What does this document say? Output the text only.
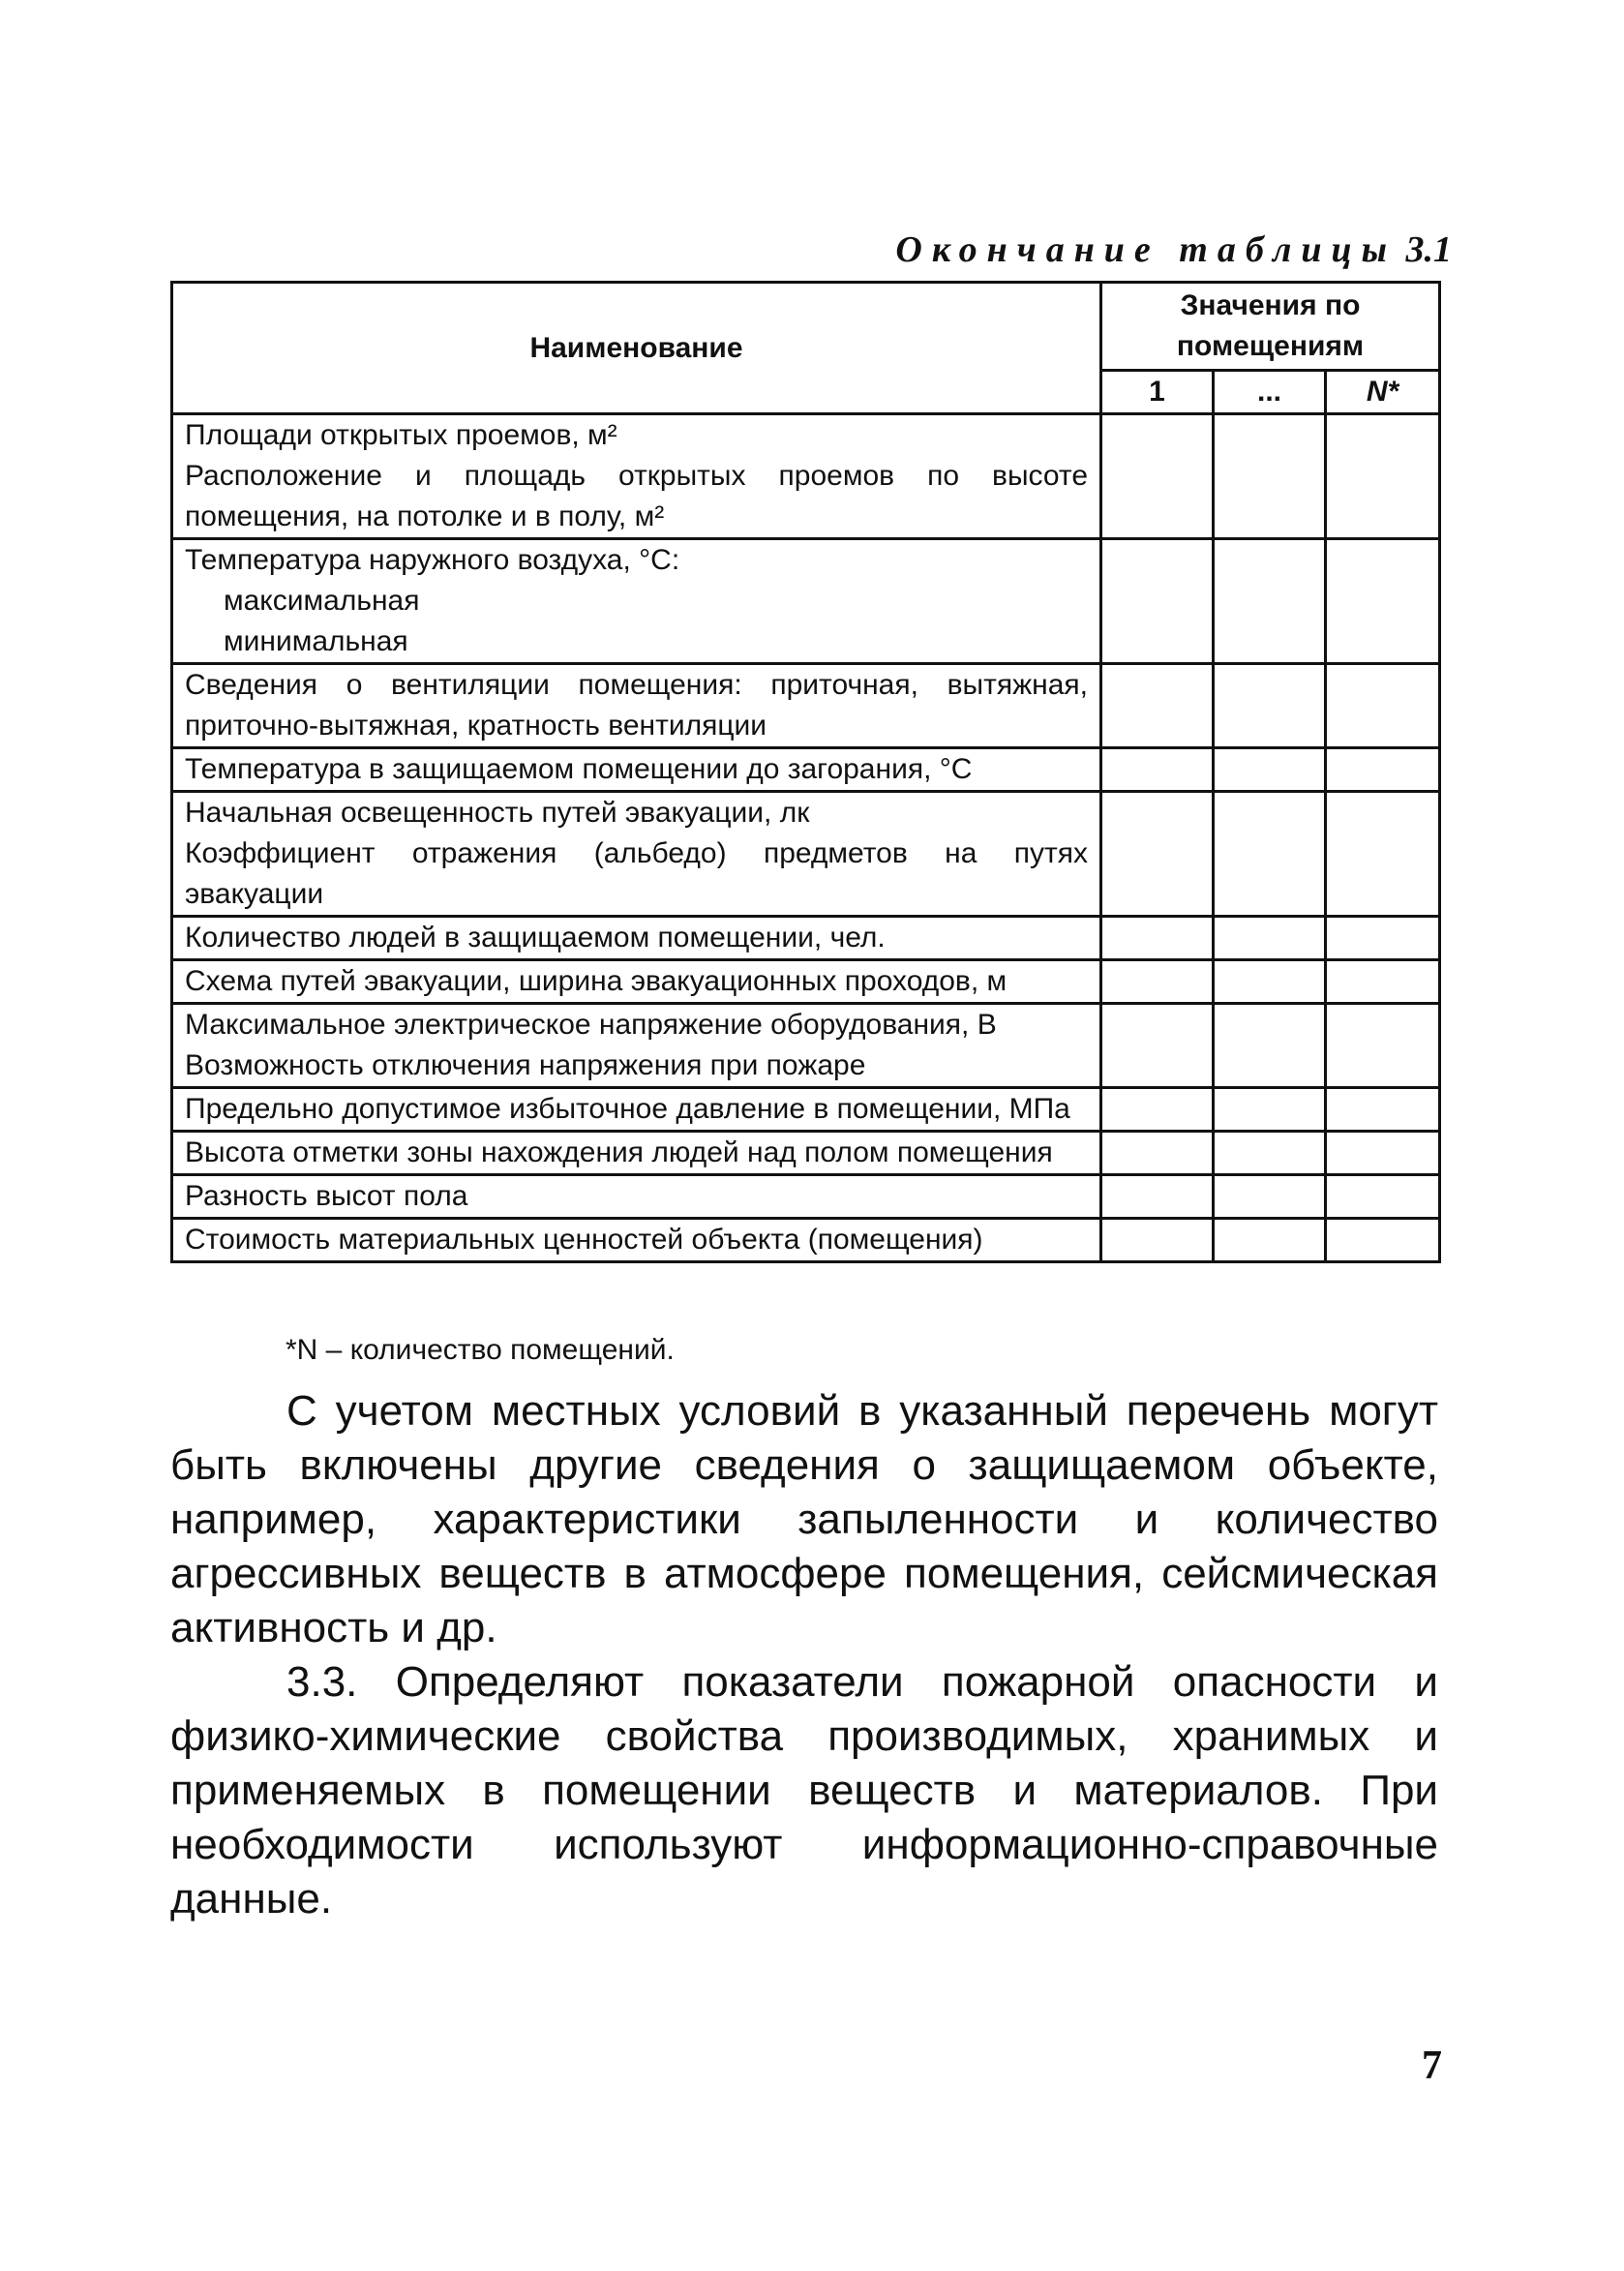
Окончание таблицы 3.1
Наименование	Значения по помещениям		
	1	...	N*

Площади открытых проемов, м²
Расположение и площадь открытых проемов по высоте помещения, на потолке и в полу, м²			

Температура наружного воздуха, °С:
максимальная
минимальная			

Сведения о вентиляции помещения: приточная, вытяжная, приточно-вытяжная, кратность вентиляции			

Температура в защищаемом помещении до загорания, °С			

Начальная освещенность путей эвакуации, лк
Коэффициент отражения (альбедо) предметов на путях эвакуации			

Количество людей в защищаемом помещении, чел.			

Схема путей эвакуации, ширина эвакуационных проходов, м			

Максимальное электрическое напряжение оборудования, В
Возможность отключения напряжения при пожаре			

Предельно допустимое избыточное давление в помещении, МПа			

Высота отметки зоны нахождения людей над полом помещения			

Разность высот пола			

Стоимость материальных ценностей объекта (помещения)			

*N – количество помещений.

С учетом местных условий в указанный перечень могут быть включены другие сведения о защищаемом объекте, например, характеристики запыленности и количество агрессивных веществ в атмосфере помещения, сейсмическая активность и др.

3.3. Определяют показатели пожарной опасности и физико-химические свойства производимых, хранимых и применяемых в помещении веществ и материалов. При необходимости используют информационно-справочные данные.

7
